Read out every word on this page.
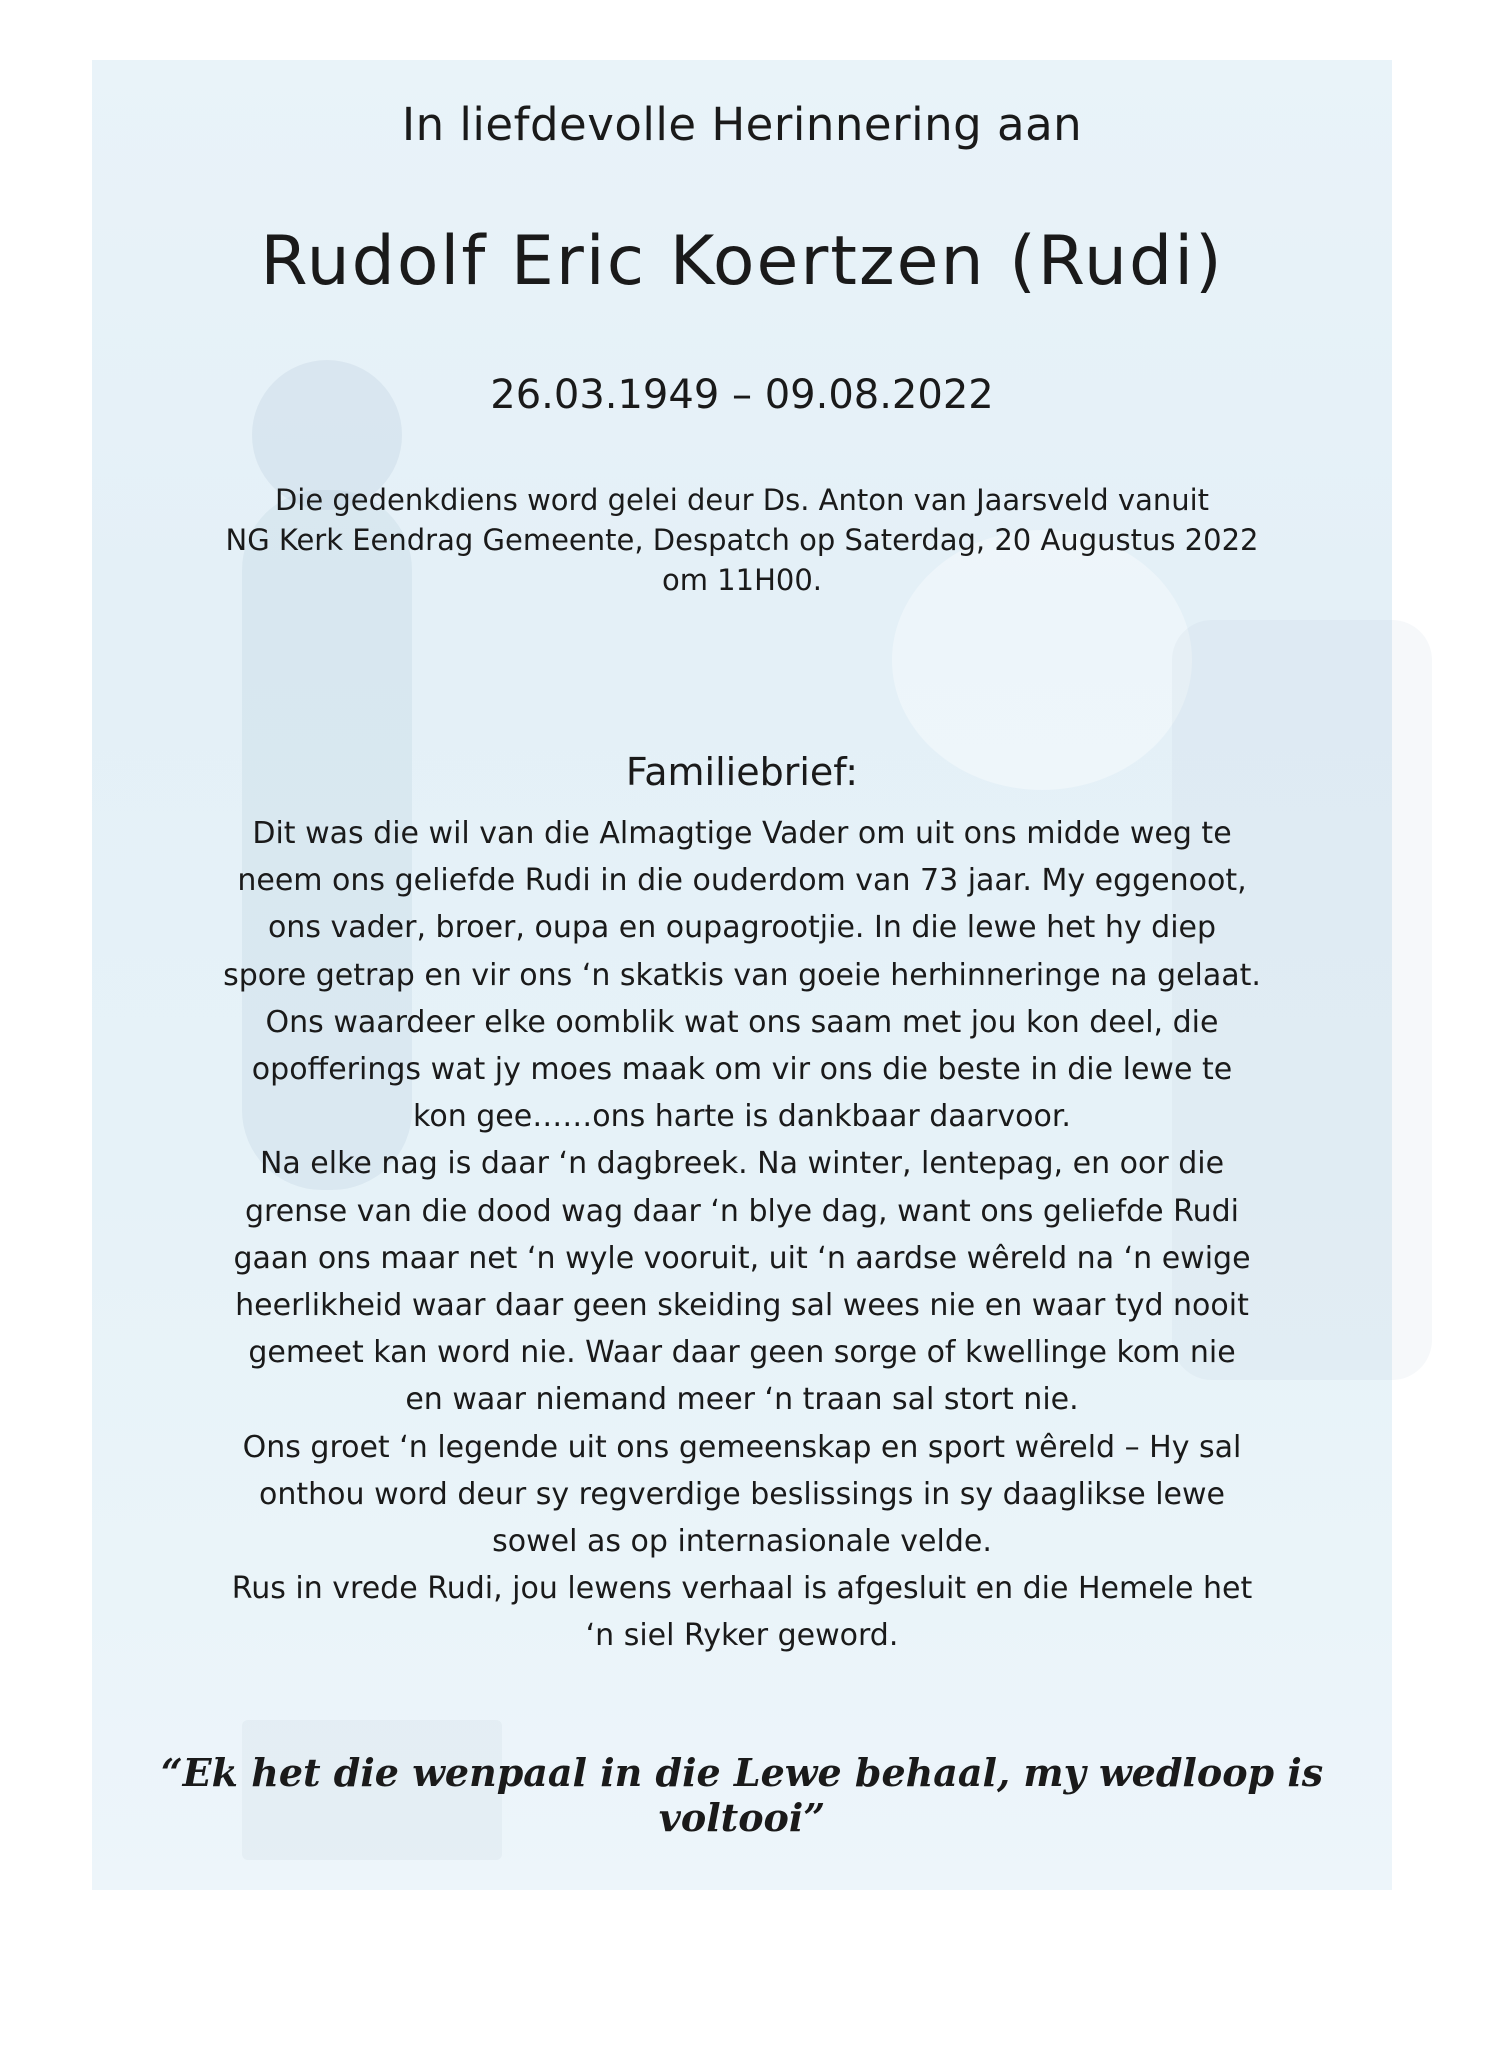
In liefdevolle Herinnering aan
Rudolf Eric Koertzen (Rudi)
26.03.1949 – 09.08.2022
Die gedenkdiens word gelei deur Ds. Anton van Jaarsveld vanuit
NG Kerk Eendrag Gemeente, Despatch op Saterdag, 20 Augustus 2022
om 11H00.
Familiebrief:
Dit was die wil van die Almagtige Vader om uit ons midde weg te
neem ons geliefde Rudi in die ouderdom van 73 jaar. My eggenoot,
ons vader, broer, oupa en oupagrootjie. In die lewe het hy diep
spore getrap en vir ons ‘n skatkis van goeie herhinneringe na gelaat.
Ons waardeer elke oomblik wat ons saam met jou kon deel, die
opofferings wat jy moes maak om vir ons die beste in die lewe te
kon gee……ons harte is dankbaar daarvoor.
Na elke nag is daar ‘n dagbreek. Na winter, lentepag, en oor die
grense van die dood wag daar ‘n blye dag, want ons geliefde Rudi
gaan ons maar net ‘n wyle vooruit, uit ‘n aardse wêreld na ‘n ewige
heerlikheid waar daar geen skeiding sal wees nie en waar tyd nooit
gemeet kan word nie. Waar daar geen sorge of kwellinge kom nie
en waar niemand meer ‘n traan sal stort nie.
Ons groet ‘n legende uit ons gemeenskap en sport wêreld – Hy sal
onthou word deur sy regverdige beslissings in sy daaglikse lewe
sowel as op internasionale velde.
Rus in vrede Rudi, jou lewens verhaal is afgesluit en die Hemele het
‘n siel Ryker geword.
“Ek het die wenpaal in die Lewe behaal, my wedloop is voltooi”
